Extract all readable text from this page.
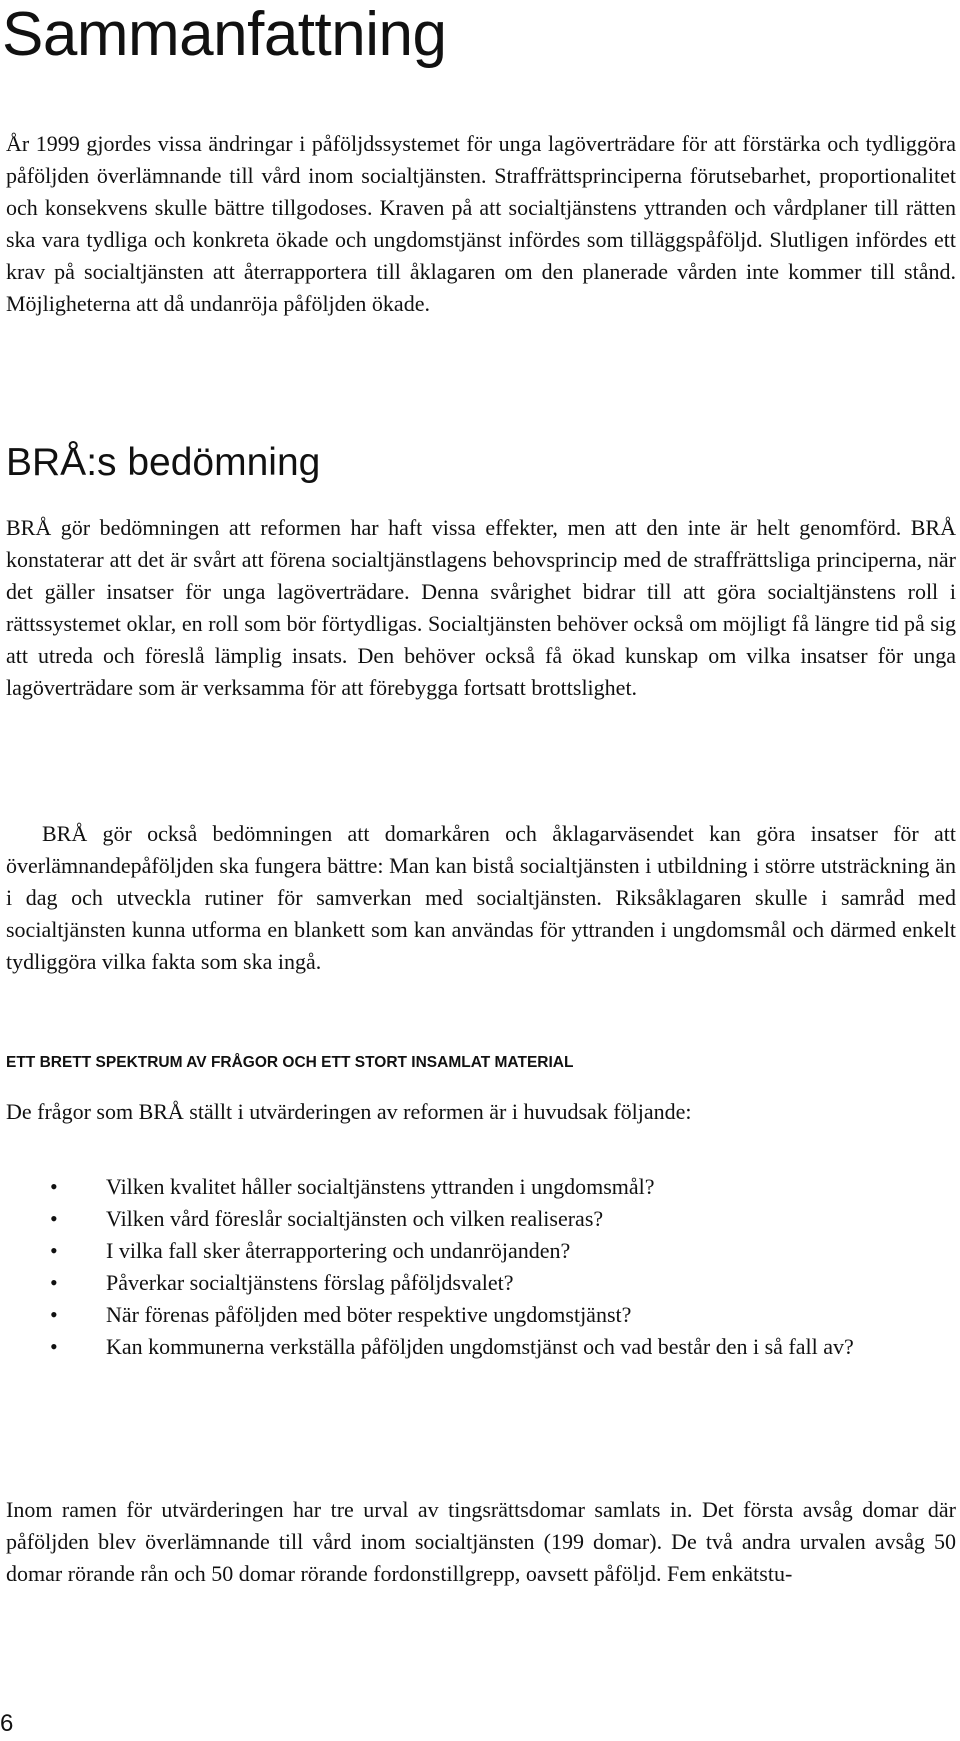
Sammanfattning

År 1999 gjordes vissa ändringar i påföljdssystemet för unga lagöverträdare för att förstärka och tydliggöra påföljden överlämnande till vård inom socialtjänsten. Straffrättsprinciperna förutsebarhet, proportionalitet och konsekvens skulle bättre tillgodoses. Kraven på att socialtjänstens yttranden och vårdplaner till rätten ska vara tydliga och konkreta ökade och ungdomstjänst infördes som tilläggspåföljd. Slutligen infördes ett krav på socialtjänsten att återrapportera till åklagaren om den planerade vården inte kommer till stånd. Möjligheterna att då undanröja påföljden ökade.

BRÅ:s bedömning

BRÅ gör bedömningen att reformen har haft vissa effekter, men att den inte är helt genomförd. BRÅ konstaterar att det är svårt att förena socialtjänstlagens behovsprincip med de straffrättsliga principerna, när det gäller insatser för unga lagöverträdare. Denna svårighet bidrar till att göra socialtjänstens roll i rättssystemet oklar, en roll som bör förtydligas. Socialtjänsten behöver också om möjligt få längre tid på sig att utreda och föreslå lämplig insats. Den behöver också få ökad kunskap om vilka insatser för unga lagöverträdare som är verksamma för att förebygga fortsatt brottslighet.

BRÅ gör också bedömningen att domarkåren och åklagarväsendet kan göra insatser för att överlämnandepåföljden ska fungera bättre: Man kan bistå socialtjänsten i utbildning i större utsträckning än i dag och utveckla rutiner för samverkan med socialtjänsten. Riksåklagaren skulle i samråd med socialtjänsten kunna utforma en blankett som kan användas för yttranden i ungdomsmål och därmed enkelt tydliggöra vilka fakta som ska ingå.

ETT BRETT SPEKTRUM AV FRÅGOR OCH ETT STORT INSAMLAT MATERIAL

De frågor som BRÅ ställt i utvärderingen av reformen är i huvudsak följande:

• Vilken kvalitet håller socialtjänstens yttranden i ungdomsmål?
• Vilken vård föreslår socialtjänsten och vilken realiseras?
• I vilka fall sker återrapportering och undanröjanden?
• Påverkar socialtjänstens förslag påföljdsvalet?
• När förenas påföljden med böter respektive ungdomstjänst?
• Kan kommunerna verkställa påföljden ungdomstjänst och vad består den i så fall av?

Inom ramen för utvärderingen har tre urval av tingsrättsdomar samlats in. Det första avsåg domar där påföljden blev överlämnande till vård inom socialtjänsten (199 domar). De två andra urvalen avsåg 50 domar rörande rån och 50 domar rörande fordonstillgrepp, oavsett påföljd. Fem enkätstu-

6
